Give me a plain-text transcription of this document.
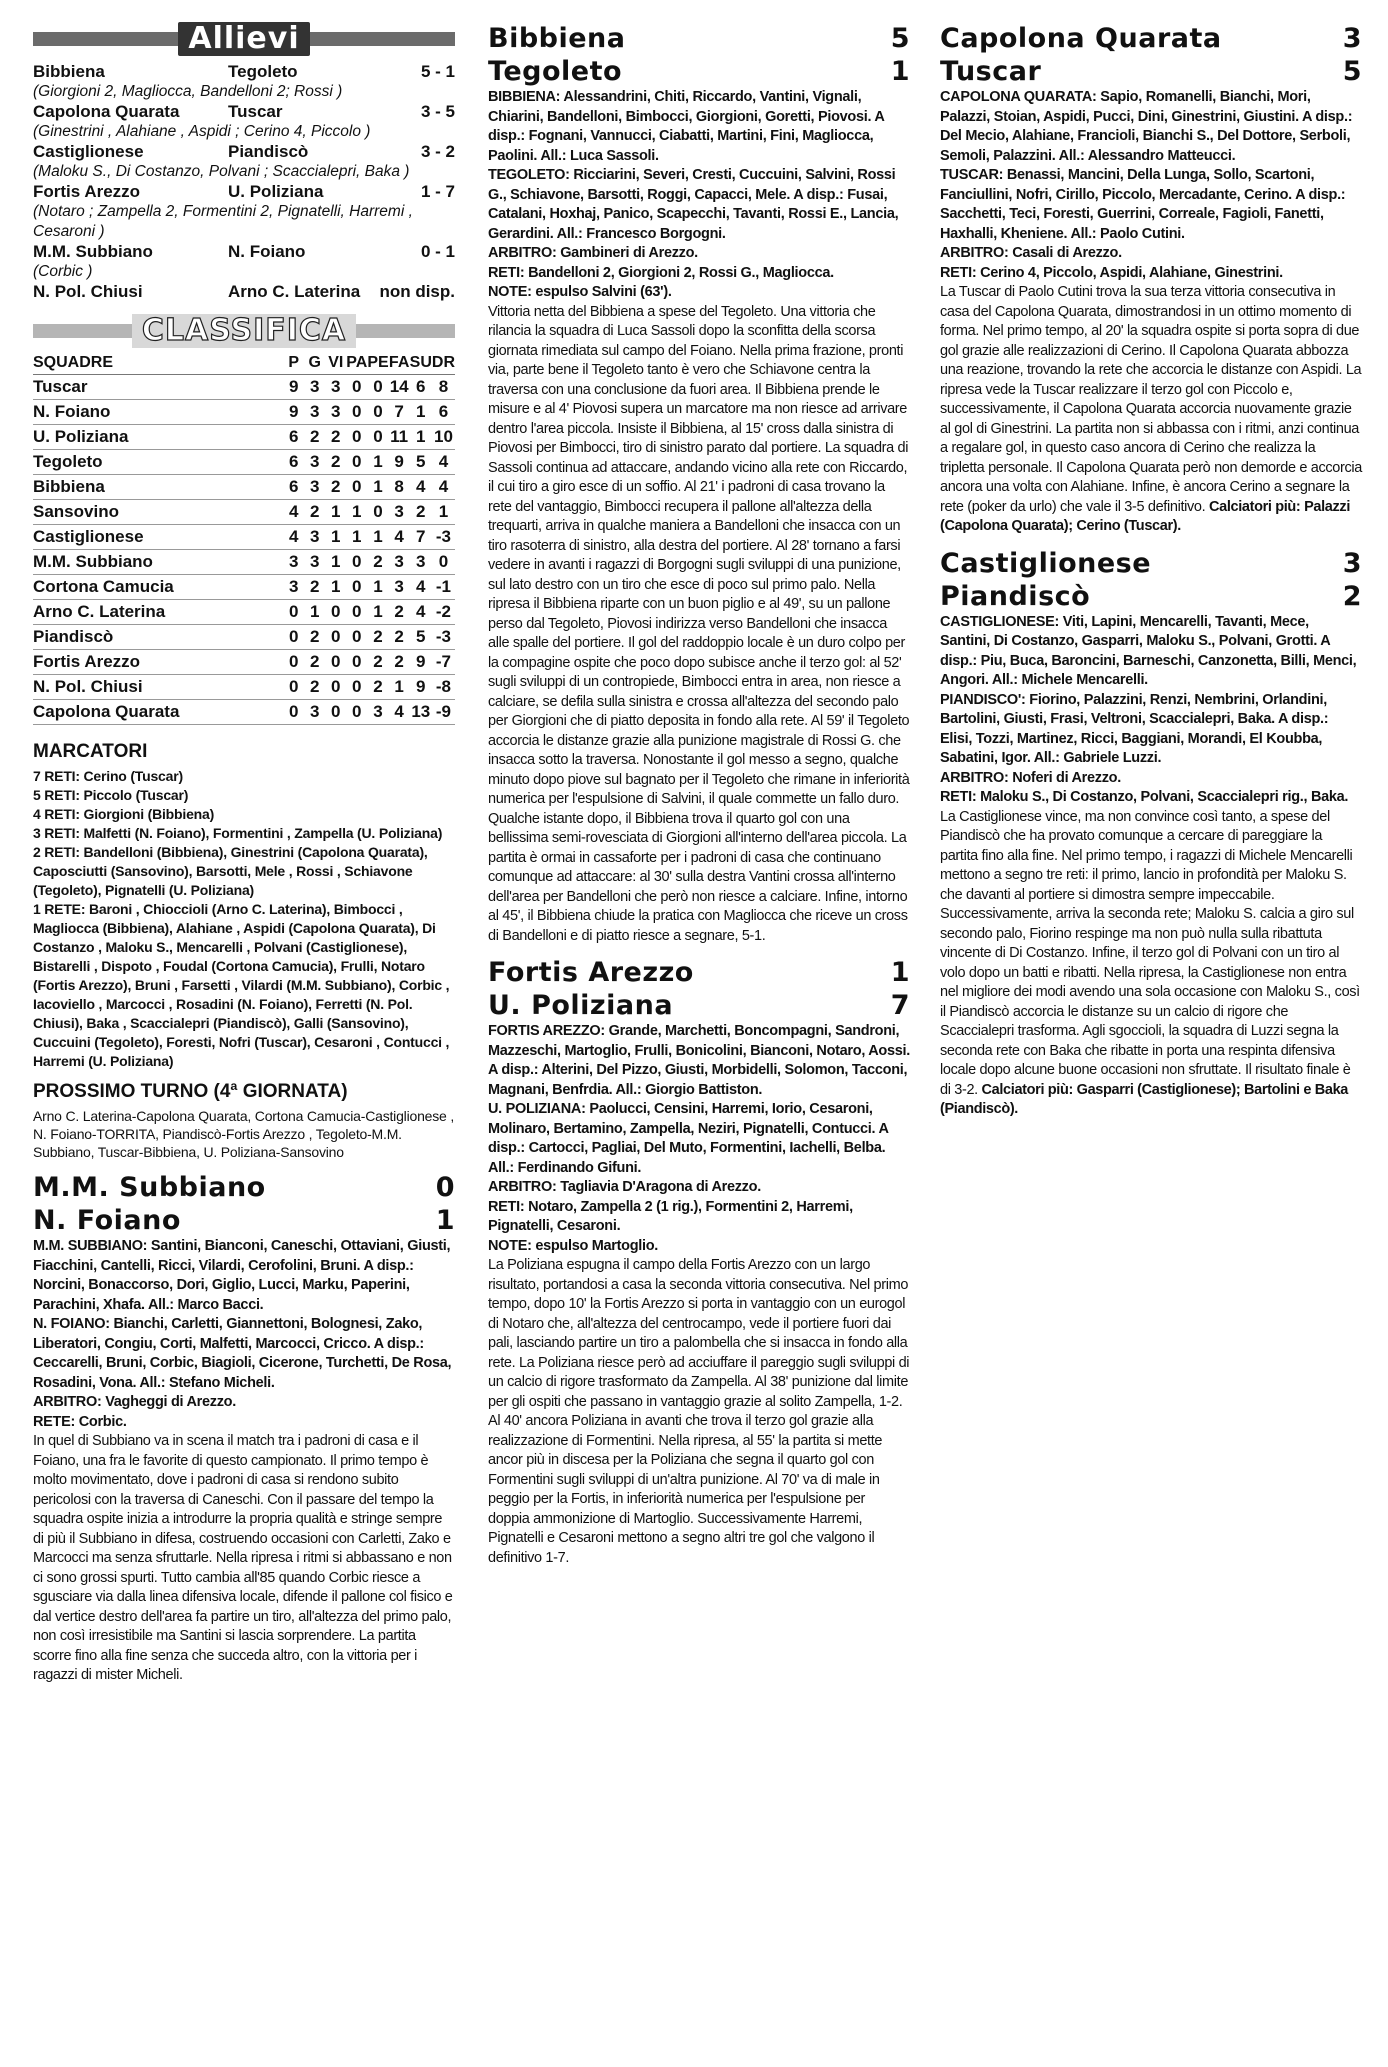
Allievi
Bibbiena	Tegoleto	5 - 1
(Giorgioni 2, Magliocca, Bandelloni 2; Rossi )		
Capolona Quarata	Tuscar	3 - 5
(Ginestrini , Alahiane , Aspidi ; Cerino 4, Piccolo )		
Castiglionese	Piandiscò	3 - 2
(Maloku S., Di Costanzo, Polvani ; Scaccialepri, Baka )		
Fortis Arezzo	U. Poliziana	1 - 7
(Notaro ; Zampella 2, Formentini 2, Pignatelli, Harremi , Cesaroni )		
M.M. Subbiano	N. Foiano	0 - 1
(Corbic )		
N. Pol. Chiusi	Arno C. Laterina	non disp.
CLASSIFICA
SQUADRE	P	G	VI	PA	PE	FA	SU	DR
Tuscar	9	3	3	0	0	14	6	8
N. Foiano	9	3	3	0	0	7	1	6
U. Poliziana	6	2	2	0	0	11	1	10
Tegoleto	6	3	2	0	1	9	5	4
Bibbiena	6	3	2	0	1	8	4	4
Sansovino	4	2	1	1	0	3	2	1
Castiglionese	4	3	1	1	1	4	7	-3
M.M. Subbiano	3	3	1	0	2	3	3	0
Cortona Camucia	3	2	1	0	1	3	4	-1
Arno C. Laterina	0	1	0	0	1	2	4	-2
Piandiscò	0	2	0	0	2	2	5	-3
Fortis Arezzo	0	2	0	0	2	2	9	-7
N. Pol. Chiusi	0	2	0	0	2	1	9	-8
Capolona Quarata	0	3	0	0	3	4	13	-9
MARCATORI
7 RETI: Cerino (Tuscar)
5 RETI: Piccolo (Tuscar)
4 RETI: Giorgioni (Bibbiena)
3 RETI: Malfetti (N. Foiano), Formentini , Zampella (U. Poliziana)
2 RETI: Bandelloni (Bibbiena), Ginestrini (Capolona Quarata), Caposciutti (Sansovino), Barsotti, Mele , Rossi , Schiavone (Tegoleto), Pignatelli (U. Poliziana)
1 RETE: Baroni , Chioccioli (Arno C. Laterina), Bimbocci , Magliocca (Bibbiena), Alahiane , Aspidi (Capolona Quarata), Di Costanzo , Maloku S., Mencarelli , Polvani (Castiglionese), Bistarelli , Dispoto , Foudal (Cortona Camucia), Frulli, Notaro (Fortis Arezzo), Bruni , Farsetti , Vilardi (M.M. Subbiano), Corbic , Iacoviello , Marcocci , Rosadini (N. Foiano), Ferretti (N. Pol. Chiusi), Baka , Scaccialepri (Piandiscò), Galli (Sansovino), Cuccuini (Tegoleto), Foresti, Nofri (Tuscar), Cesaroni , Contucci , Harremi (U. Poliziana)
PROSSIMO TURNO (4ª GIORNATA)
Arno C. Laterina-Capolona Quarata, Cortona Camucia-Castiglionese , N. Foiano-TORRITA, Piandiscò-Fortis Arezzo , Tegoleto-M.M. Subbiano, Tuscar-Bibbiena, U. Poliziana-Sansovino
M.M. Subbiano	0
N. Foiano	1
M.M. SUBBIANO: Santini, Bianconi, Caneschi, Ottaviani, Giusti, Fiacchini, Cantelli, Ricci, Vilardi, Cerofolini, Bruni. A disp.: Norcini, Bonaccorso, Dori, Giglio, Lucci, Marku, Paperini, Parachini, Xhafa. All.: Marco Bacci.
N. FOIANO: Bianchi, Carletti, Giannettoni, Bolognesi, Zako, Liberatori, Congiu, Corti, Malfetti, Marcocci, Cricco. A disp.: Ceccarelli, Bruni, Corbic, Biagioli, Cicerone, Turchetti, De Rosa, Rosadini, Vona. All.: Stefano Micheli.
ARBITRO: Vagheggi di Arezzo.
RETE: Corbic.
In quel di Subbiano va in scena il match tra i padroni di casa e il Foiano, una fra le favorite di questo campionato. Il primo tempo è molto movimentato, dove i padroni di casa si rendono subito pericolosi con la traversa di Caneschi. Con il passare del tempo la squadra ospite inizia a introdurre la propria qualità e stringe sempre di più il Subbiano in difesa, costruendo occasioni con Carletti, Zako e Marcocci ma senza sfruttarle. Nella ripresa i ritmi si abbassano e non ci sono grossi spurti. Tutto cambia all'85 quando Corbic riesce a sgusciare via dalla linea difensiva locale, difende il pallone col fisico e dal vertice destro dell'area fa partire un tiro, all'altezza del primo palo, non così irresistibile ma Santini si lascia sorprendere. La partita scorre fino alla fine senza che succeda altro, con la vittoria per i ragazzi di mister Micheli.
Bibbiena	5
Tegoleto	1
BIBBIENA: Alessandrini, Chiti, Riccardo, Vantini, Vignali, Chiarini, Bandelloni, Bimbocci, Giorgioni, Goretti, Piovosi. A disp.: Fognani, Vannucci, Ciabatti, Martini, Fini, Magliocca, Paolini. All.: Luca Sassoli.
TEGOLETO: Ricciarini, Severi, Cresti, Cuccuini, Salvini, Rossi G., Schiavone, Barsotti, Roggi, Capacci, Mele. A disp.: Fusai, Catalani, Hoxhaj, Panico, Scapecchi, Tavanti, Rossi E., Lancia, Gerardini. All.: Francesco Borgogni.
ARBITRO: Gambineri di Arezzo.
RETI: Bandelloni 2, Giorgioni 2, Rossi G., Magliocca.
NOTE: espulso Salvini (63').
Vittoria netta del Bibbiena a spese del Tegoleto. Una vittoria che rilancia la squadra di Luca Sassoli dopo la sconfitta della scorsa giornata rimediata sul campo del Foiano. Nella prima frazione, pronti via, parte bene il Tegoleto tanto è vero che Schiavone centra la traversa con una conclusione da fuori area. Il Bibbiena prende le misure e al 4' Piovosi supera un marcatore ma non riesce ad arrivare dentro l'area piccola. Insiste il Bibbiena, al 15' cross dalla sinistra di Piovosi per Bimbocci, tiro di sinistro parato dal portiere. La squadra di Sassoli continua ad attaccare, andando vicino alla rete con Riccardo, il cui tiro a giro esce di un soffio. Al 21' i padroni di casa trovano la rete del vantaggio, Bimbocci recupera il pallone all'altezza della trequarti, arriva in qualche maniera a Bandelloni che insacca con un tiro rasoterra di sinistro, alla destra del portiere. Al 28' tornano a farsi vedere in avanti i ragazzi di Borgogni sugli sviluppi di una punizione, sul lato destro con un tiro che esce di poco sul primo palo. Nella ripresa il Bibbiena riparte con un buon piglio e al 49', su un pallone perso dal Tegoleto, Piovosi indirizza verso Bandelloni che insacca alle spalle del portiere. Il gol del raddoppio locale è un duro colpo per la compagine ospite che poco dopo subisce anche il terzo gol: al 52' sugli sviluppi di un contropiede, Bimbocci entra in area, non riesce a calciare, se defila sulla sinistra e crossa all'altezza del secondo palo per Giorgioni che di piatto deposita in fondo alla rete. Al 59' il Tegoleto accorcia le distanze grazie alla punizione magistrale di Rossi G. che insacca sotto la traversa. Nonostante il gol messo a segno, qualche minuto dopo piove sul bagnato per il Tegoleto che rimane in inferiorità numerica per l'espulsione di Salvini, il quale commette un fallo duro. Qualche istante dopo, il Bibbiena trova il quarto gol con una bellissima semi-rovesciata di Giorgioni all'interno dell'area piccola. La partita è ormai in cassaforte per i padroni di casa che continuano comunque ad attaccare: al 30' sulla destra Vantini crossa all'interno dell'area per Bandelloni che però non riesce a calciare. Infine, intorno al 45', il Bibbiena chiude la pratica con Magliocca che riceve un cross di Bandelloni e di piatto riesce a segnare, 5-1.
Fortis Arezzo	1
U. Poliziana	7
FORTIS AREZZO: Grande, Marchetti, Boncompagni, Sandroni, Mazzeschi, Martoglio, Frulli, Bonicolini, Bianconi, Notaro, Aossi. A disp.: Alterini, Del Pizzo, Giusti, Morbidelli, Solomon, Tacconi, Magnani, Benfrdia. All.: Giorgio Battiston.
U. POLIZIANA: Paolucci, Censini, Harremi, Iorio, Cesaroni, Molinaro, Bertamino, Zampella, Neziri, Pignatelli, Contucci. A disp.: Cartocci, Pagliai, Del Muto, Formentini, Iachelli, Belba. All.: Ferdinando Gifuni.
ARBITRO: Tagliavia D'Aragona di Arezzo.
RETI: Notaro, Zampella 2 (1 rig.), Formentini 2, Harremi, Pignatelli, Cesaroni.
NOTE: espulso Martoglio.
La Poliziana espugna il campo della Fortis Arezzo con un largo risultato, portandosi a casa la seconda vittoria consecutiva. Nel primo tempo, dopo 10' la Fortis Arezzo si porta in vantaggio con un eurogol di Notaro che, all'altezza del centrocampo, vede il portiere fuori dai pali, lasciando partire un tiro a palombella che si insacca in fondo alla rete. La Poliziana riesce però ad acciuffare il pareggio sugli sviluppi di un calcio di rigore trasformato da Zampella. Al 38' punizione dal limite per gli ospiti che passano in vantaggio grazie al solito Zampella, 1-2. Al 40' ancora Poliziana in avanti che trova il terzo gol grazie alla realizzazione di Formentini. Nella ripresa, al 55' la partita si mette ancor più in discesa per la Poliziana che segna il quarto gol con Formentini sugli sviluppi di un'altra punizione. Al 70' va di male in peggio per la Fortis, in inferiorità numerica per l'espulsione per doppia ammonizione di Martoglio. Successivamente Harremi, Pignatelli e Cesaroni mettono a segno altri tre gol che valgono il definitivo 1-7.
Capolona Quarata	3
Tuscar	5
CAPOLONA QUARATA: Sapio, Romanelli, Bianchi, Mori, Palazzi, Stoian, Aspidi, Pucci, Dini, Ginestrini, Giustini. A disp.: Del Mecio, Alahiane, Francioli, Bianchi S., Del Dottore, Serboli, Semoli, Palazzini. All.: Alessandro Matteucci.
TUSCAR: Benassi, Mancini, Della Lunga, Sollo, Scartoni, Fanciullini, Nofri, Cirillo, Piccolo, Mercadante, Cerino. A disp.: Sacchetti, Teci, Foresti, Guerrini, Correale, Fagioli, Fanetti, Haxhalli, Kheniene. All.: Paolo Cutini.
ARBITRO: Casali di Arezzo.
RETI: Cerino 4, Piccolo, Aspidi, Alahiane, Ginestrini.
La Tuscar di Paolo Cutini trova la sua terza vittoria consecutiva in casa del Capolona Quarata, dimostrandosi in un ottimo momento di forma. Nel primo tempo, al 20' la squadra ospite si porta sopra di due gol grazie alle realizzazioni di Cerino. Il Capolona Quarata abbozza una reazione, trovando la rete che accorcia le distanze con Aspidi. La ripresa vede la Tuscar realizzare il terzo gol con Piccolo e, successivamente, il Capolona Quarata accorcia nuovamente grazie al gol di Ginestrini. La partita non si abbassa con i ritmi, anzi continua a regalare gol, in questo caso ancora di Cerino che realizza la tripletta personale. Il Capolona Quarata però non demorde e accorcia ancora una volta con Alahiane. Infine, è ancora Cerino a segnare la rete (poker da urlo) che vale il 3-5 definitivo. Calciatori più: Palazzi (Capolona Quarata); Cerino (Tuscar).
Castiglionese	3
Piandiscò	2
CASTIGLIONESE: Viti, Lapini, Mencarelli, Tavanti, Mece, Santini, Di Costanzo, Gasparri, Maloku S., Polvani, Grotti. A disp.: Piu, Buca, Baroncini, Barneschi, Canzonetta, Billi, Menci, Angori. All.: Michele Mencarelli.
PIANDISCO': Fiorino, Palazzini, Renzi, Nembrini, Orlandini, Bartolini, Giusti, Frasi, Veltroni, Scaccialepri, Baka. A disp.: Elisi, Tozzi, Martinez, Ricci, Baggiani, Morandi, El Koubba, Sabatini, Igor. All.: Gabriele Luzzi.
ARBITRO: Noferi di Arezzo.
RETI: Maloku S., Di Costanzo, Polvani, Scaccialepri rig., Baka.
La Castiglionese vince, ma non convince così tanto, a spese del Piandiscò che ha provato comunque a cercare di pareggiare la partita fino alla fine. Nel primo tempo, i ragazzi di Michele Mencarelli mettono a segno tre reti: il primo, lancio in profondità per Maloku S. che davanti al portiere si dimostra sempre impeccabile. Successivamente, arriva la seconda rete; Maloku S. calcia a giro sul secondo palo, Fiorino respinge ma non può nulla sulla ribattuta vincente di Di Costanzo. Infine, il terzo gol di Polvani con un tiro al volo dopo un batti e ribatti. Nella ripresa, la Castiglionese non entra nel migliore dei modi avendo una sola occasione con Maloku S., così il Piandiscò accorcia le distanze su un calcio di rigore che Scaccialepri trasforma. Agli sgoccioli, la squadra di Luzzi segna la seconda rete con Baka che ribatte in porta una respinta difensiva locale dopo alcune buone occasioni non sfruttate. Il risultato finale è di 3-2. Calciatori più: Gasparri (Castiglionese); Bartolini e Baka (Piandiscò).
